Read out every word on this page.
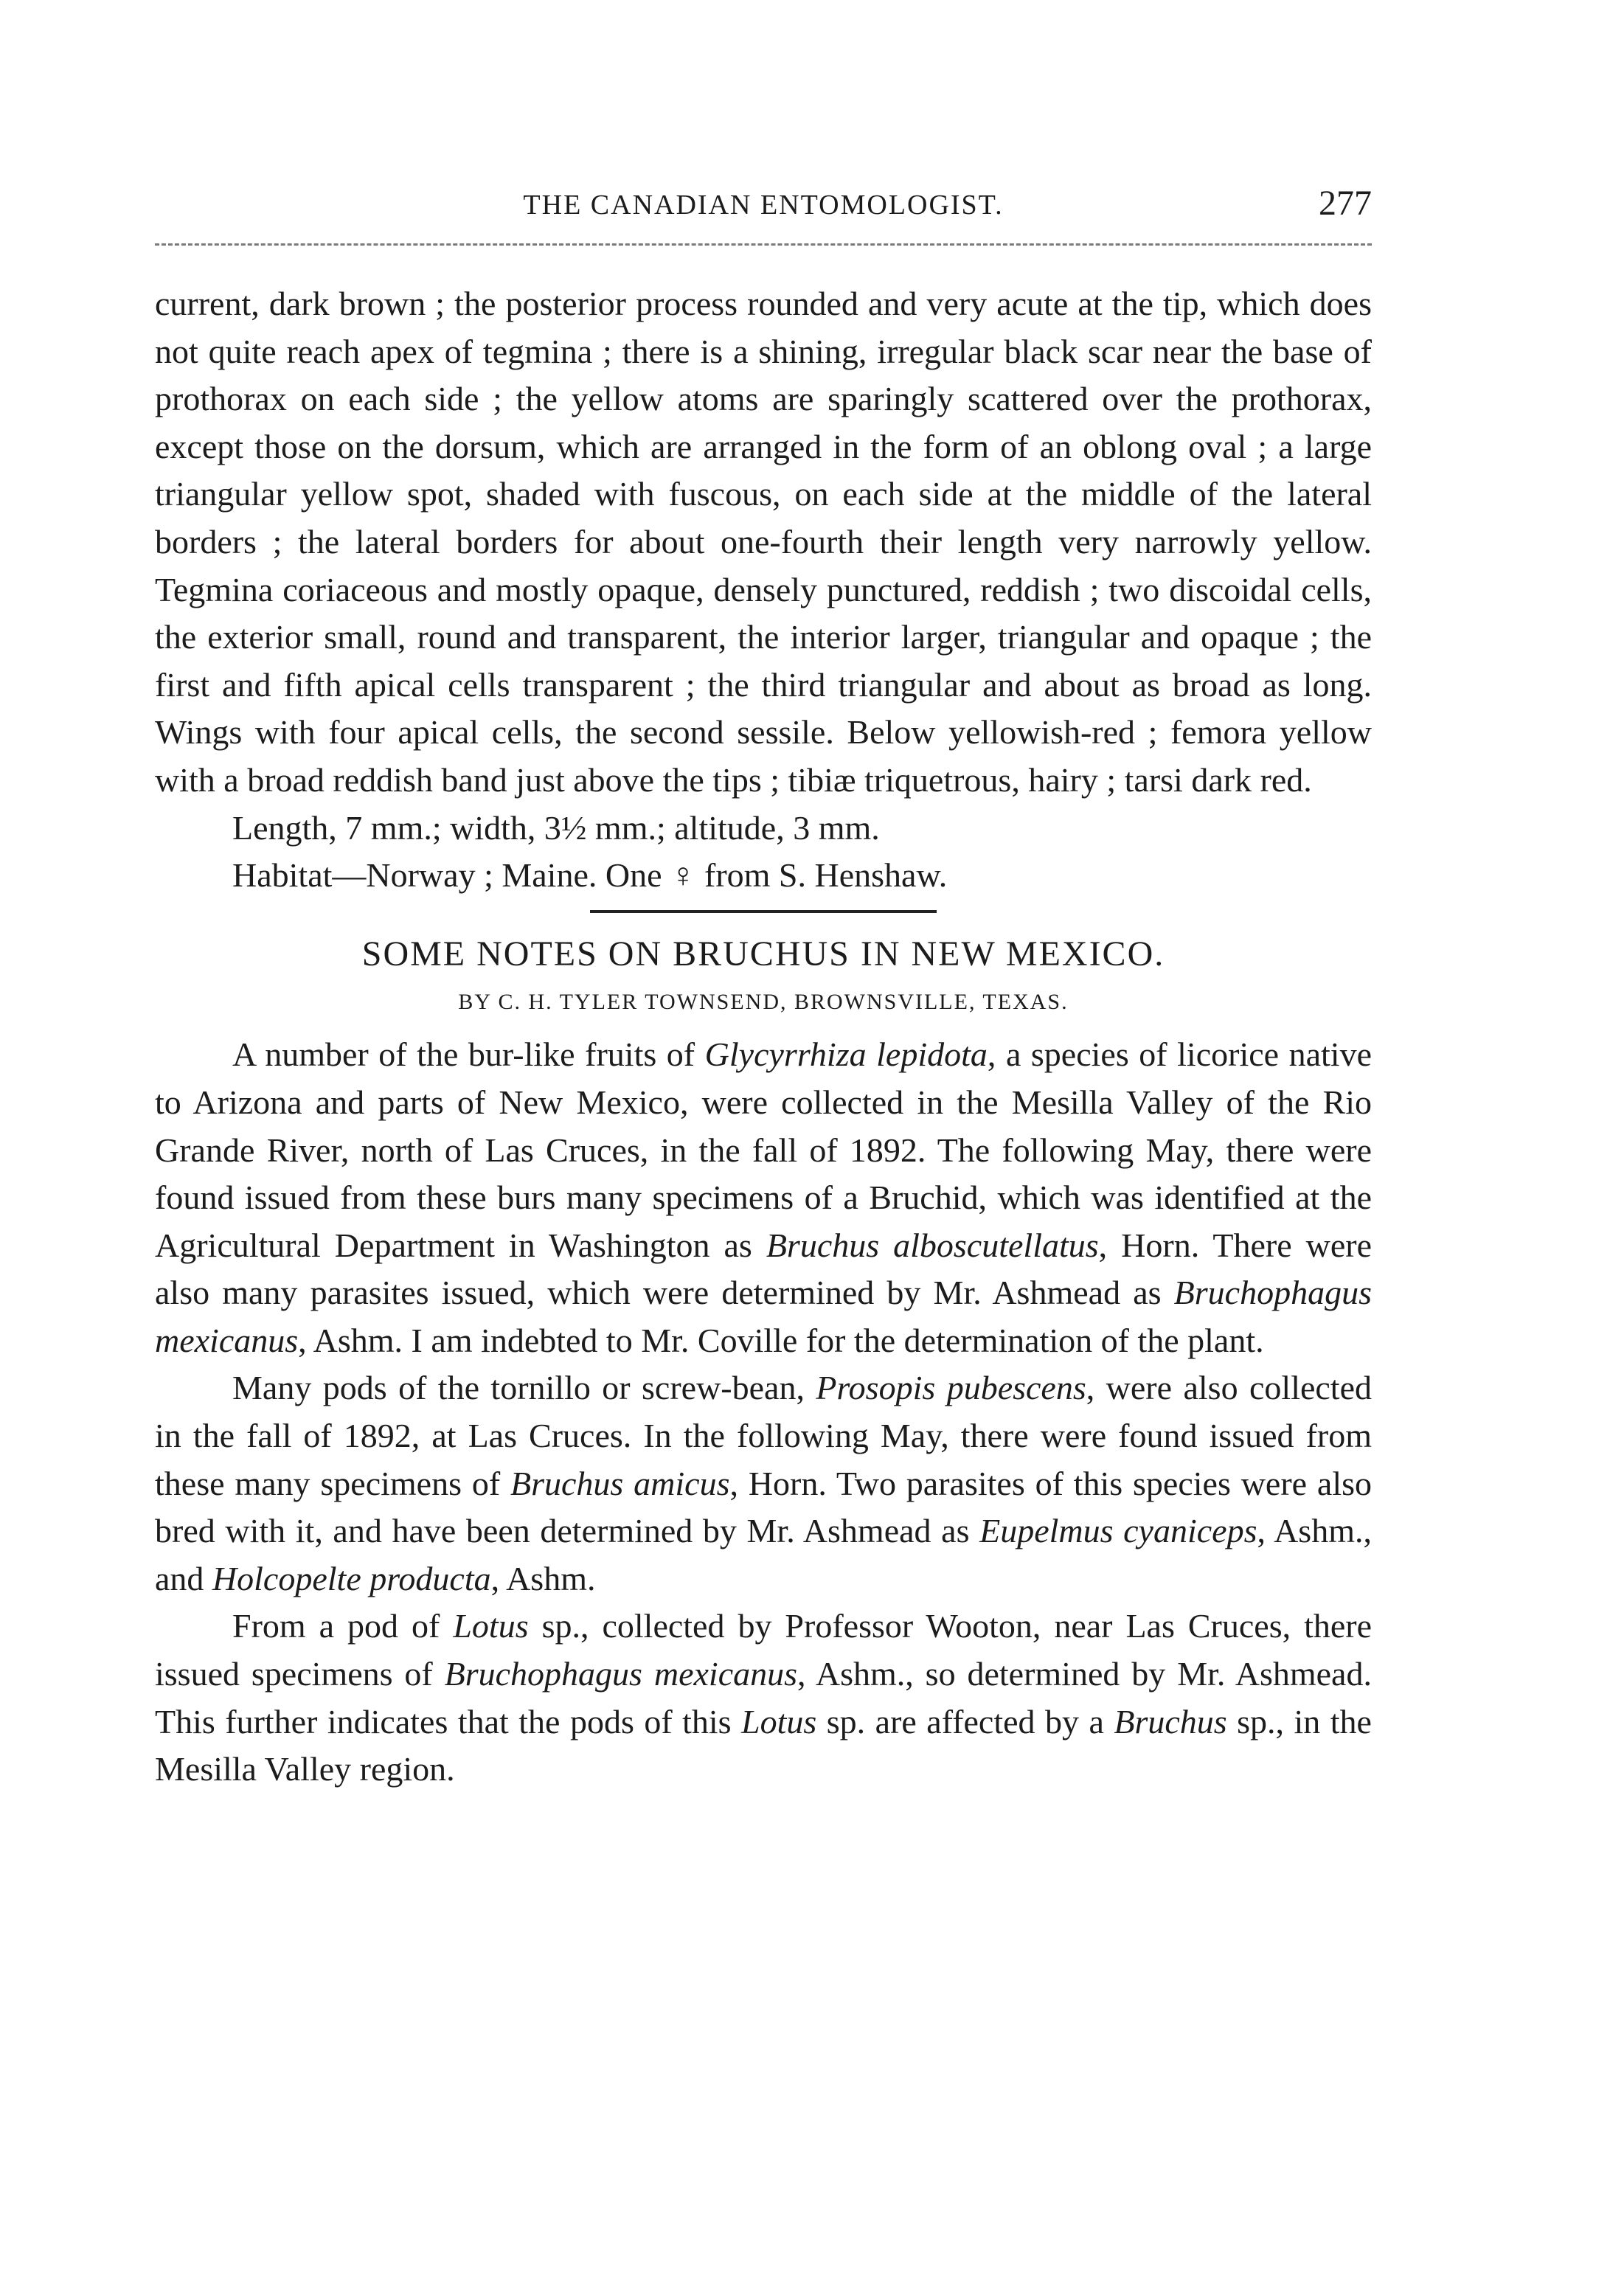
THE CANADIAN ENTOMOLOGIST.	277

current, dark brown ; the posterior process rounded and very acute at the tip, which does not quite reach apex of tegmina ; there is a shining, irregular black scar near the base of prothorax on each side ; the yellow atoms are sparingly scattered over the prothorax, except those on the dorsum, which are arranged in the form of an oblong oval ; a large triangular yellow spot, shaded with fuscous, on each side at the middle of the lateral borders ; the lateral borders for about one-fourth their length very narrowly yellow. Tegmina coriaceous and mostly opaque, densely punctured, reddish ; two discoidal cells, the exterior small, round and transparent, the interior larger, triangular and opaque ; the first and fifth apical cells transparent ; the third triangular and about as broad as long. Wings with four apical cells, the second sessile. Below yellowish-red ; femora yellow with a broad reddish band just above the tips ; tibiæ triquetrous, hairy ; tarsi dark red.

Length, 7 mm.; width, 3½ mm.; altitude, 3 mm.

Habitat—Norway ; Maine. One ♀ from S. Henshaw.

SOME NOTES ON BRUCHUS IN NEW MEXICO.
BY C. H. TYLER TOWNSEND, BROWNSVILLE, TEXAS.

A number of the bur-like fruits of Glycyrrhiza lepidota, a species of licorice native to Arizona and parts of New Mexico, were collected in the Mesilla Valley of the Rio Grande River, north of Las Cruces, in the fall of 1892. The following May, there were found issued from these burs many specimens of a Bruchid, which was identified at the Agricultural Department in Washington as Bruchus alboscutellatus, Horn. There were also many parasites issued, which were determined by Mr. Ashmead as Bruchophagus mexicanus, Ashm. I am indebted to Mr. Coville for the determination of the plant.

Many pods of the tornillo or screw-bean, Prosopis pubescens, were also collected in the fall of 1892, at Las Cruces. In the following May, there were found issued from these many specimens of Bruchus amicus, Horn. Two parasites of this species were also bred with it, and have been determined by Mr. Ashmead as Eupelmus cyaniceps, Ashm., and Holcopelte producta, Ashm.

From a pod of Lotus sp., collected by Professor Wooton, near Las Cruces, there issued specimens of Bruchophagus mexicanus, Ashm., so determined by Mr. Ashmead. This further indicates that the pods of this Lotus sp. are affected by a Bruchus sp., in the Mesilla Valley region.
